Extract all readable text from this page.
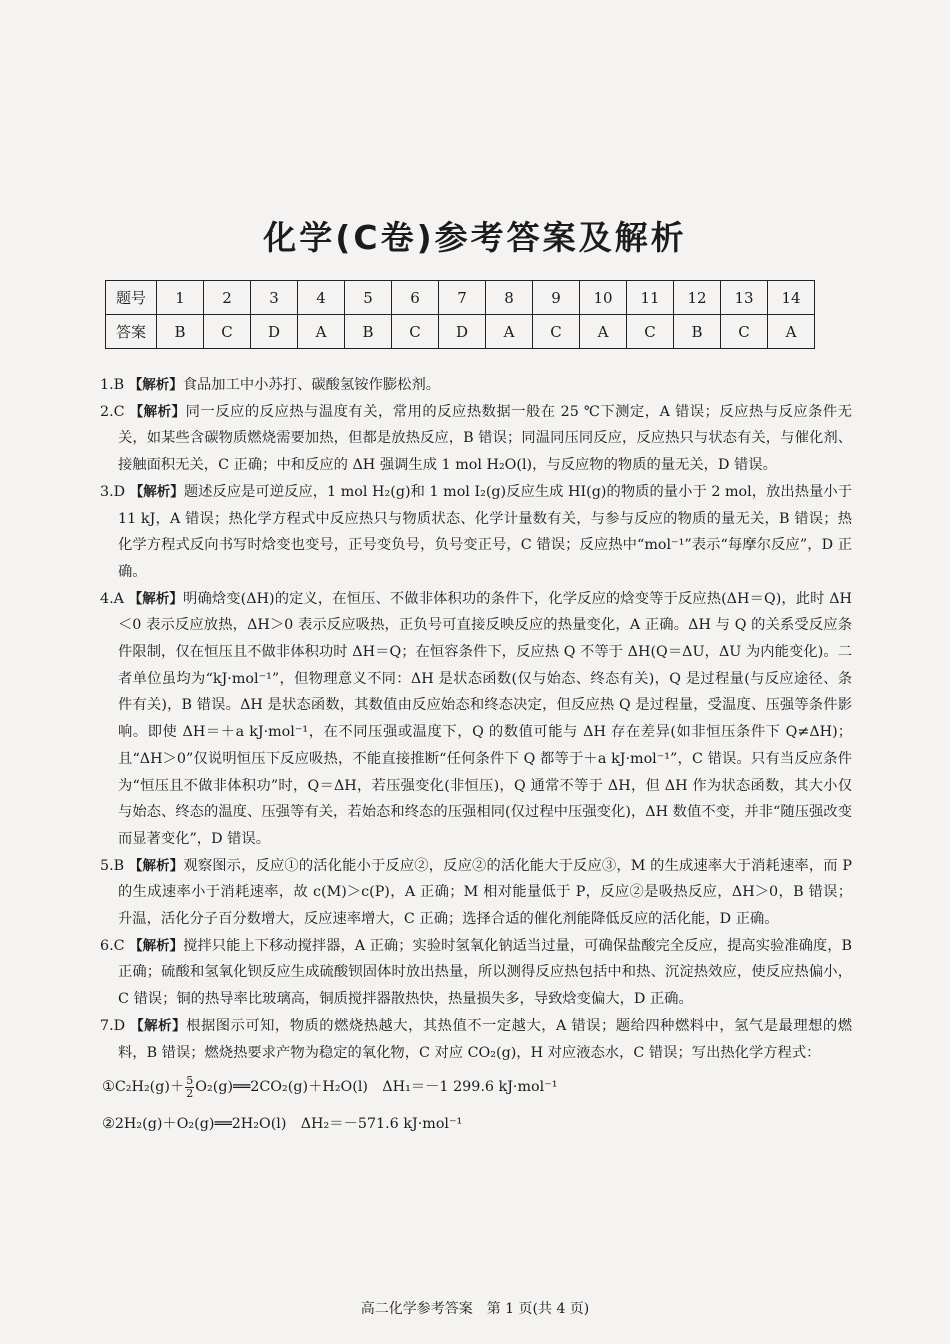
化学(C卷)参考答案及解析
题号	1	2	3	4	5	6	7	8	9	10	11	12	13	14
答案	B	C	D	A	B	C	D	A	C	A	C	B	C	A

1.B 【解析】食品加工中小苏打、碳酸氢铵作膨松剂。

2.C 【解析】同一反应的反应热与温度有关，常用的反应热数据一般在 25 ℃下测定，A 错误；反应热与反应条件无关，如某些含碳物质燃烧需要加热，但都是放热反应，B 错误；同温同压同反应，反应热只与状态有关，与催化剂、接触面积无关，C 正确；中和反应的 ΔH 强调生成 1 mol H₂O(l)，与反应物的物质的量无关，D 错误。

3.D 【解析】题述反应是可逆反应，1 mol H₂(g)和 1 mol I₂(g)反应生成 HI(g)的物质的量小于 2 mol，放出热量小于 11 kJ，A 错误；热化学方程式中反应热只与物质状态、化学计量数有关，与参与反应的物质的量无关，B 错误；热化学方程式反向书写时焓变也变号，正号变负号，负号变正号，C 错误；反应热中“mol⁻¹”表示“每摩尔反应”，D 正确。

4.A 【解析】明确焓变(ΔH)的定义，在恒压、不做非体积功的条件下，化学反应的焓变等于反应热(ΔH＝Q)，此时 ΔH＜0 表示反应放热，ΔH＞0 表示反应吸热，正负号可直接反映反应的热量变化，A 正确。ΔH 与 Q 的关系受反应条件限制，仅在恒压且不做非体积功时 ΔH＝Q；在恒容条件下，反应热 Q 不等于 ΔH(Q＝ΔU，ΔU 为内能变化)。二者单位虽均为“kJ·mol⁻¹”，但物理意义不同：ΔH 是状态函数(仅与始态、终态有关)，Q 是过程量(与反应途径、条件有关)，B 错误。ΔH 是状态函数，其数值由反应始态和终态决定，但反应热 Q 是过程量，受温度、压强等条件影响。即使 ΔH＝＋a kJ·mol⁻¹，在不同压强或温度下，Q 的数值可能与 ΔH 存在差异(如非恒压条件下 Q≠ΔH)；且“ΔH＞0”仅说明恒压下反应吸热，不能直接推断“任何条件下 Q 都等于＋a kJ·mol⁻¹”，C 错误。只有当反应条件为“恒压且不做非体积功”时，Q＝ΔH，若压强变化(非恒压)，Q 通常不等于 ΔH，但 ΔH 作为状态函数，其大小仅与始态、终态的温度、压强等有关，若始态和终态的压强相同(仅过程中压强变化)，ΔH 数值不变，并非“随压强改变而显著变化”，D 错误。

5.B 【解析】观察图示，反应①的活化能小于反应②，反应②的活化能大于反应③，M 的生成速率大于消耗速率，而 P 的生成速率小于消耗速率，故 c(M)＞c(P)，A 正确；M 相对能量低于 P，反应②是吸热反应，ΔH＞0，B 错误；升温，活化分子百分数增大，反应速率增大，C 正确；选择合适的催化剂能降低反应的活化能，D 正确。

6.C 【解析】搅拌只能上下移动搅拌器，A 正确；实验时氢氧化钠适当过量，可确保盐酸完全反应，提高实验准确度，B 正确；硫酸和氢氧化钡反应生成硫酸钡固体时放出热量，所以测得反应热包括中和热、沉淀热效应，使反应热偏小，C 错误；铜的热导率比玻璃高，铜质搅拌器散热快，热量损失多，导致焓变偏大，D 正确。

7.D 【解析】根据图示可知，物质的燃烧热越大，其热值不一定越大，A 错误；题给四种燃料中，氢气是最理想的燃料，B 错误；燃烧热要求产物为稳定的氧化物，C 对应 CO₂(g)，H 对应液态水，C 错误；写出热化学方程式：

①C₂H₂(g)＋ $\frac{5}{2}$ O₂(g)══2CO₂(g)＋H₂O(l)　ΔH₁＝－1 299.6 kJ·mol⁻¹

②2H₂(g)＋O₂(g)══2H₂O(l)　ΔH₂＝－571.6 kJ·mol⁻¹

高二化学参考答案　第 1 页(共 4 页)
